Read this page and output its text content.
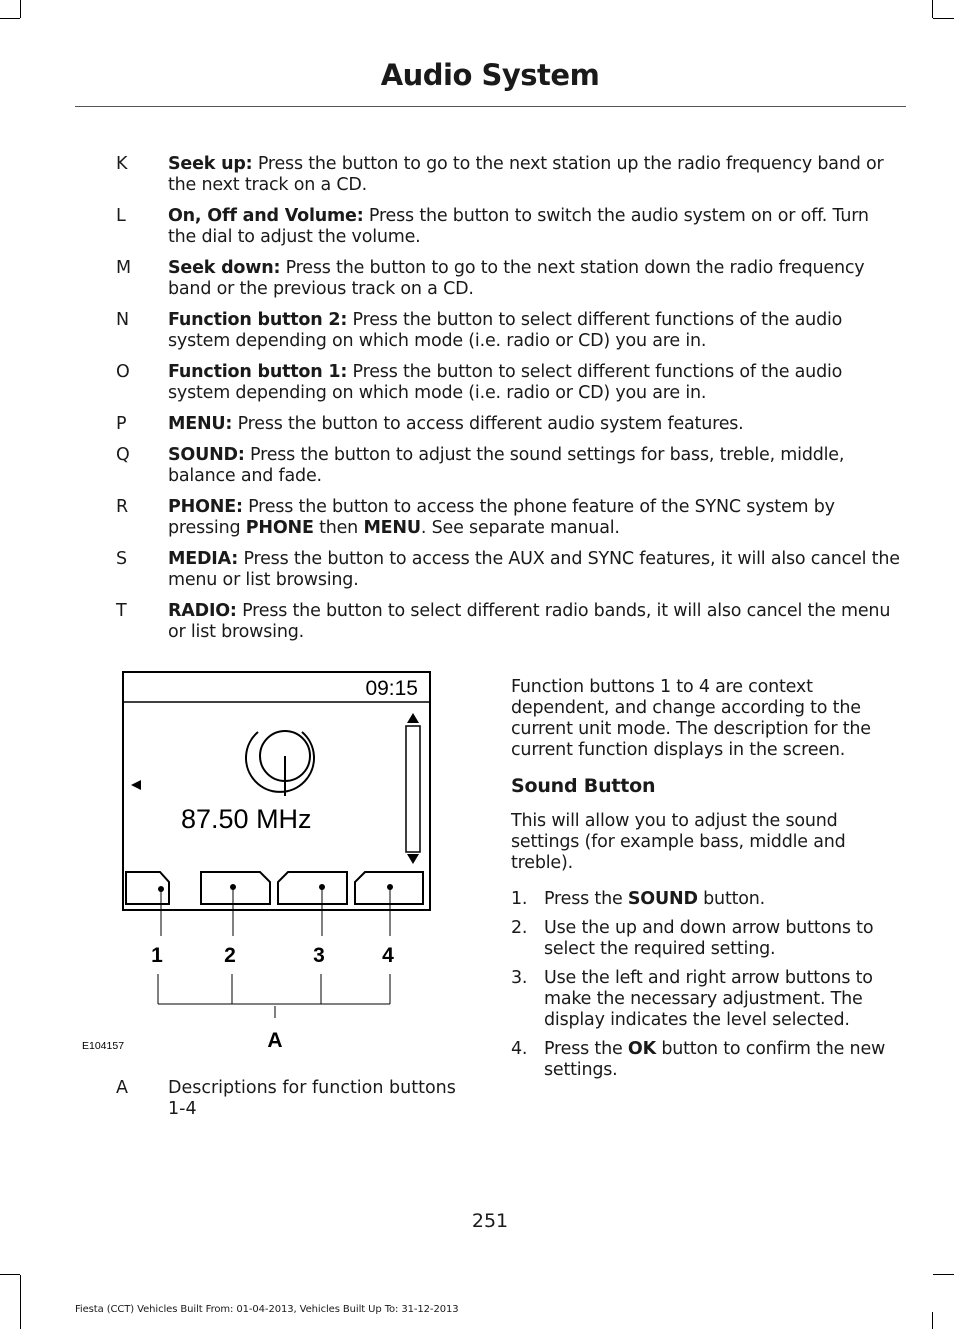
Audio System
K	Seek up: Press the button to go to the next station up the radio frequency band or the next track on a CD.
L	On, Off and Volume: Press the button to switch the audio system on or off. Turn the dial to adjust the volume.
M	Seek down: Press the button to go to the next station down the radio frequency band or the previous track on a CD.
N	Function button 2: Press the button to select different functions of the audio system depending on which mode (i.e. radio or CD) you are in.
O	Function button 1: Press the button to select different functions of the audio system depending on which mode (i.e. radio or CD) you are in.
P	MENU: Press the button to access different audio system features.
Q	SOUND: Press the button to adjust the sound settings for bass, treble, middle, balance and fade.
R	PHONE: Press the button to access the phone feature of the SYNC system by pressing PHONE then MENU. See separate manual.
S	MEDIA: Press the button to access the AUX and SYNC features, it will also cancel the menu or list browsing.
T	RADIO: Press the button to select different radio bands, it will also cancel the menu or list browsing.
09:15
87.50 MHz
1	2	3	4
A
E104157
A	Descriptions for function buttons 1-4

Function buttons 1 to 4 are context dependent, and change according to the current unit mode. The description for the current function displays in the screen.

Sound Button

This will allow you to adjust the sound settings (for example bass, middle and treble).

1. Press the SOUND button.
2. Use the up and down arrow buttons to select the required setting.
3. Use the left and right arrow buttons to make the necessary adjustment. The display indicates the level selected.
4. Press the OK button to confirm the new settings.
251
Fiesta (CCT) Vehicles Built From: 01-04-2013, Vehicles Built Up To: 31-12-2013
